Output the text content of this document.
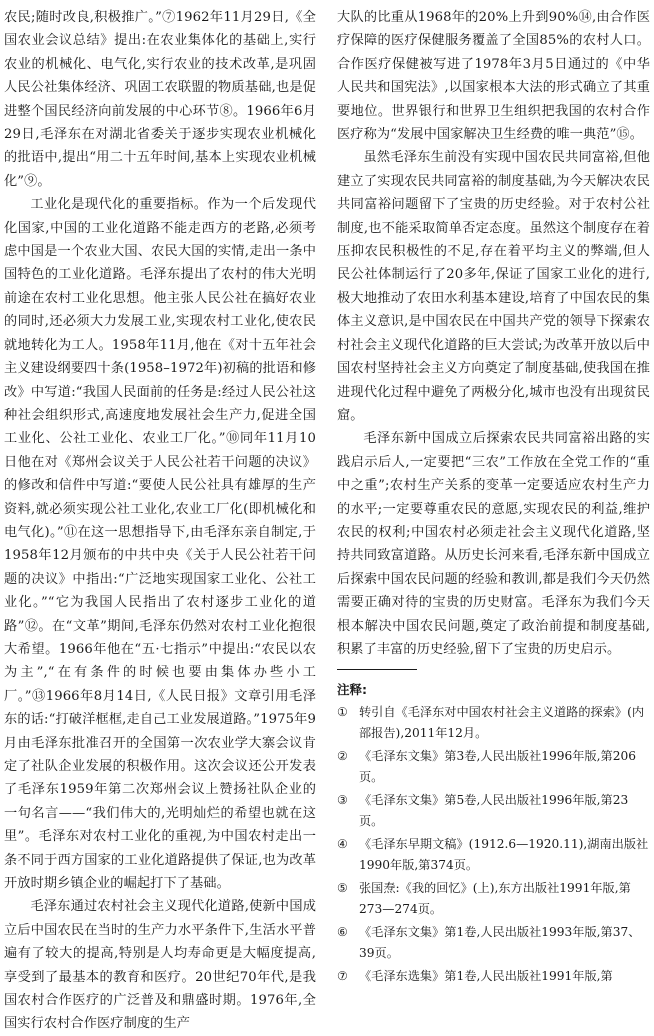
农民;随时改良,积极推广。”⑦1962年11月29日,《全国农业会议总结》提出:在农业集体化的基础上,实行农业的机械化、电气化,实行农业的技术改革,是巩固人民公社集体经济、巩固工农联盟的物质基础,也是促进整个国民经济向前发展的中心环节⑧。1966年6月29日,毛泽东在对湖北省委关于逐步实现农业机械化的批语中,提出“用二十五年时间,基本上实现农业机械化”⑨。

工业化是现代化的重要指标。作为一个后发现代化国家,中国的工业化道路不能走西方的老路,必须考虑中国是一个农业大国、农民大国的实情,走出一条中国特色的工业化道路。毛泽东提出了农村的伟大光明前途在农村工业化思想。他主张人民公社在搞好农业的同时,还必须大力发展工业,实现农村工业化,使农民就地转化为工人。1958年11月,他在《对十五年社会主义建设纲要四十条(1958–1972年)初稿的批语和修改》中写道:“我国人民面前的任务是:经过人民公社这种社会组织形式,高速度地发展社会生产力,促进全国工业化、公社工业化、农业工厂化。”⑩同年11月10日他在对《郑州会议关于人民公社若干问题的决议》的修改和信件中写道:“要使人民公社具有雄厚的生产资料,就必须实现公社工业化,农业工厂化(即机械化和电气化)。”⑪在这一思想指导下,由毛泽东亲自制定,于1958年12月颁布的中共中央《关于人民公社若干问题的决议》中指出:“广泛地实现国家工业化、公社工业化。”“它为我国人民指出了农村逐步工业化的道路”⑫。在“文革”期间,毛泽东仍然对农村工业化抱很大希望。1966年他在“五·七指示”中提出:“农民以农为主”,“在有条件的时候也要由集体办些小工厂。”⑬1966年8月14日,《人民日报》文章引用毛泽东的话:“打破洋框框,走自己工业发展道路。”1975年9月由毛泽东批准召开的全国第一次农业学大寨会议肯定了社队企业发展的积极作用。这次会议还公开发表了毛泽东1959年第二次郑州会议上赞扬社队企业的一句名言——“我们伟大的,光明灿烂的希望也就在这里”。毛泽东对农村工业化的重视,为中国农村走出一条不同于西方国家的工业化道路提供了保证,也为改革开放时期乡镇企业的崛起打下了基础。

毛泽东通过农村社会主义现代化道路,使新中国成立后中国农民在当时的生产力水平条件下,生活水平普遍有了较大的提高,特别是人均寿命更是大幅度提高,享受到了最基本的教育和医疗。20世纪70年代,是我国农村合作医疗的广泛普及和鼎盛时期。1976年,全国实行农村合作医疗制度的生产

大队的比重从1968年的20%上升到90%⑭,由合作医疗保障的医疗保健服务覆盖了全国85%的农村人口。合作医疗保健被写进了1978年3月5日通过的《中华人民共和国宪法》,以国家根本大法的形式确立了其重要地位。世界银行和世界卫生组织把我国的农村合作医疗称为“发展中国家解决卫生经费的唯一典范”⑮。

虽然毛泽东生前没有实现中国农民共同富裕,但他建立了实现农民共同富裕的制度基础,为今天解决农民共同富裕问题留下了宝贵的历史经验。对于农村公社制度,也不能采取简单否定态度。虽然这个制度存在着压抑农民积极性的不足,存在着平均主义的弊端,但人民公社体制运行了20多年,保证了国家工业化的进行,极大地推动了农田水利基本建设,培育了中国农民的集体主义意识,是中国农民在中国共产党的领导下探索农村社会主义现代化道路的巨大尝试;为改革开放以后中国农村坚持社会主义方向奠定了制度基础,使我国在推进现代化过程中避免了两极分化,城市也没有出现贫民窟。

毛泽东新中国成立后探索农民共同富裕出路的实践启示后人,一定要把“三农”工作放在全党工作的“重中之重”;农村生产关系的变革一定要适应农村生产力的水平;一定要尊重农民的意愿,实现农民的利益,维护农民的权利;中国农村必须走社会主义现代化道路,坚持共同致富道路。从历史长河来看,毛泽东新中国成立后探索中国农民问题的经验和教训,都是我们今天仍然需要正确对待的宝贵的历史财富。毛泽东为我们今天根本解决中国农民问题,奠定了政治前提和制度基础,积累了丰富的历史经验,留下了宝贵的历史启示。

注释:
① 转引自《毛泽东对中国农村社会主义道路的探索》(内部报告),2011年12月。
② 《毛泽东文集》第3卷,人民出版社1996年版,第206页。
③ 《毛泽东文集》第5卷,人民出版社1996年版,第23页。
④ 《毛泽东早期文稿》(1912.6—1920.11),湖南出版社1990年版,第374页。
⑤ 张国焘:《我的回忆》(上),东方出版社1991年版,第273—274页。
⑥ 《毛泽东文集》第1卷,人民出版社1993年版,第37、39页。
⑦ 《毛泽东选集》第1卷,人民出版社1991年版,第
